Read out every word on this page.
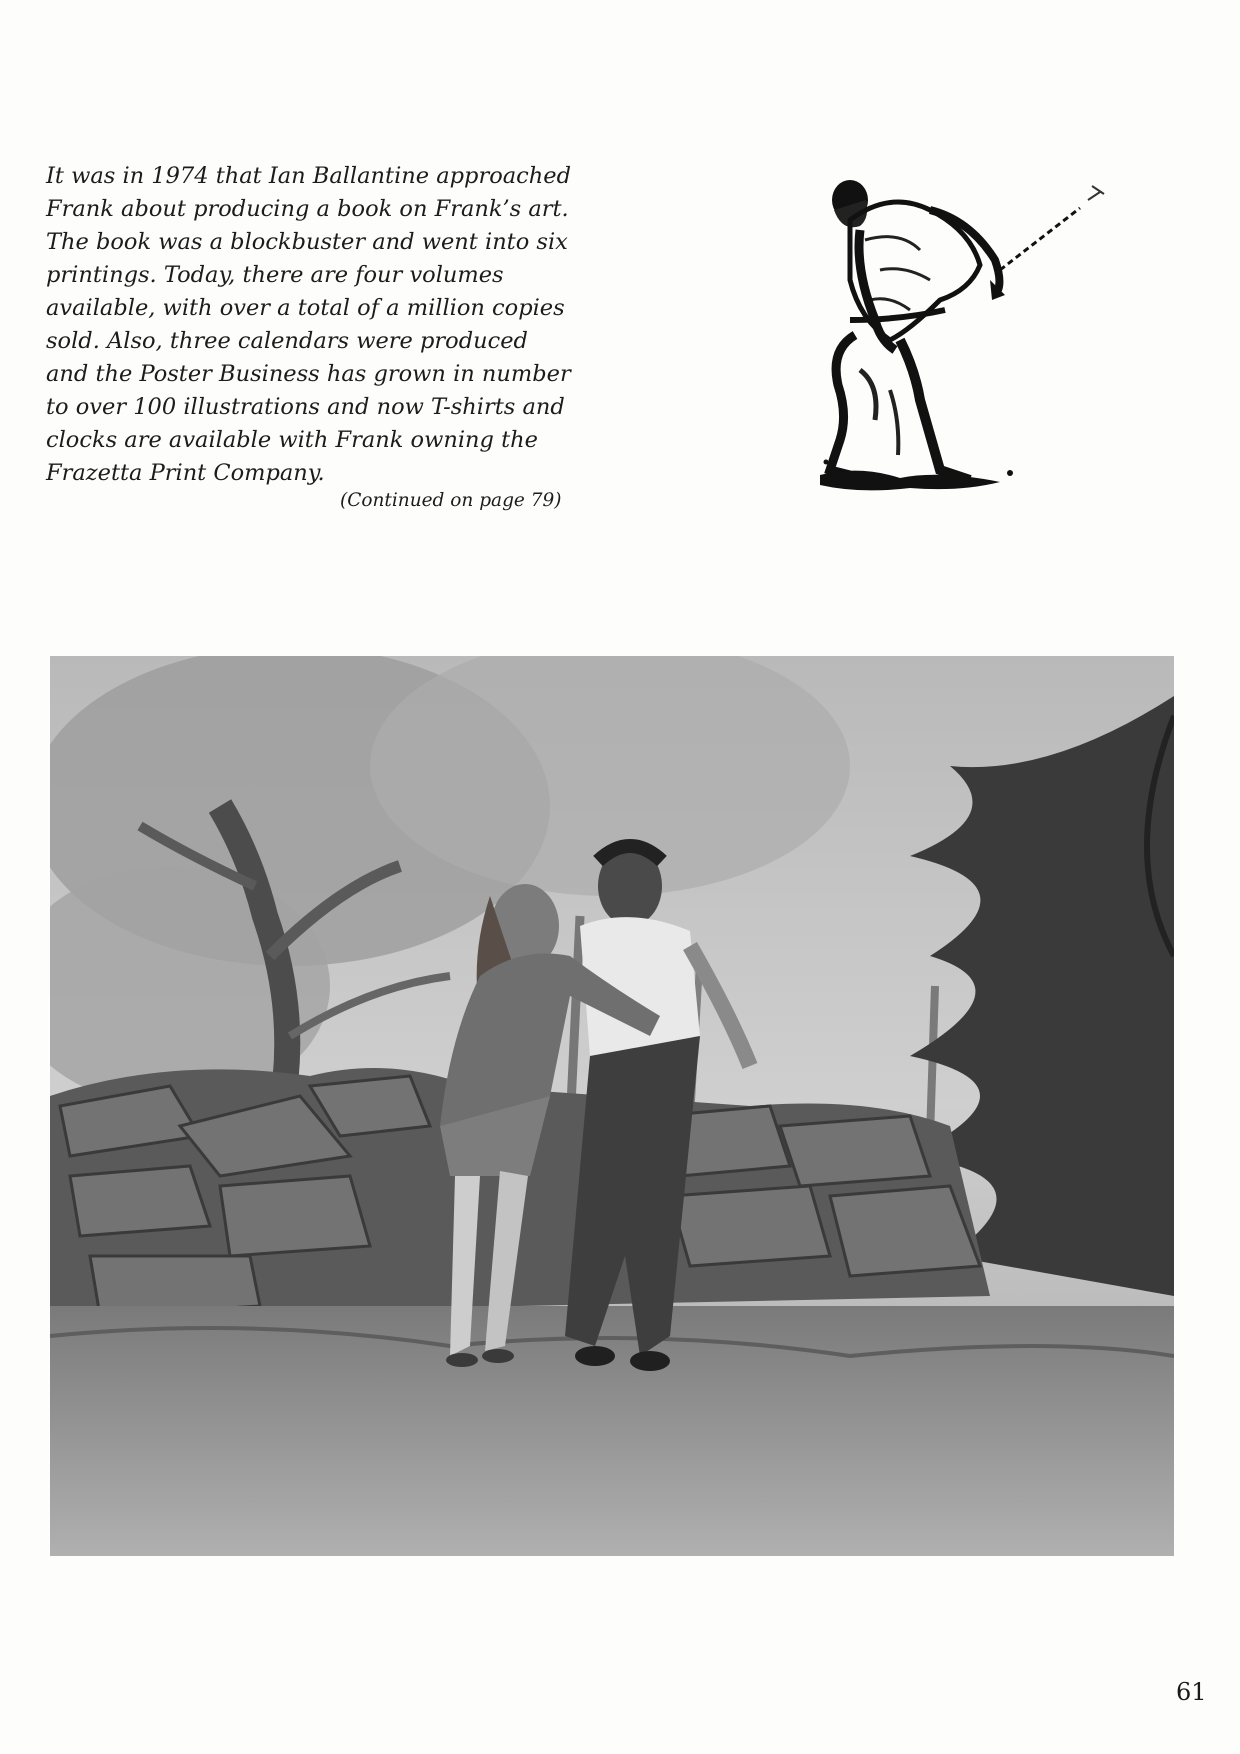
It was in 1974 that Ian Ballantine approached
Frank about producing a book on Frank’s art.
The book was a blockbuster and went into six
printings. Today, there are four volumes
available, with over a total of a million copies
sold. Also, three calendars were produced
and the Poster Business has grown in number
to over 100 illustrations and now T-shirts and
clocks are available with Frank owning the
Frazetta Print Company.

(Continued on page 79)
61
